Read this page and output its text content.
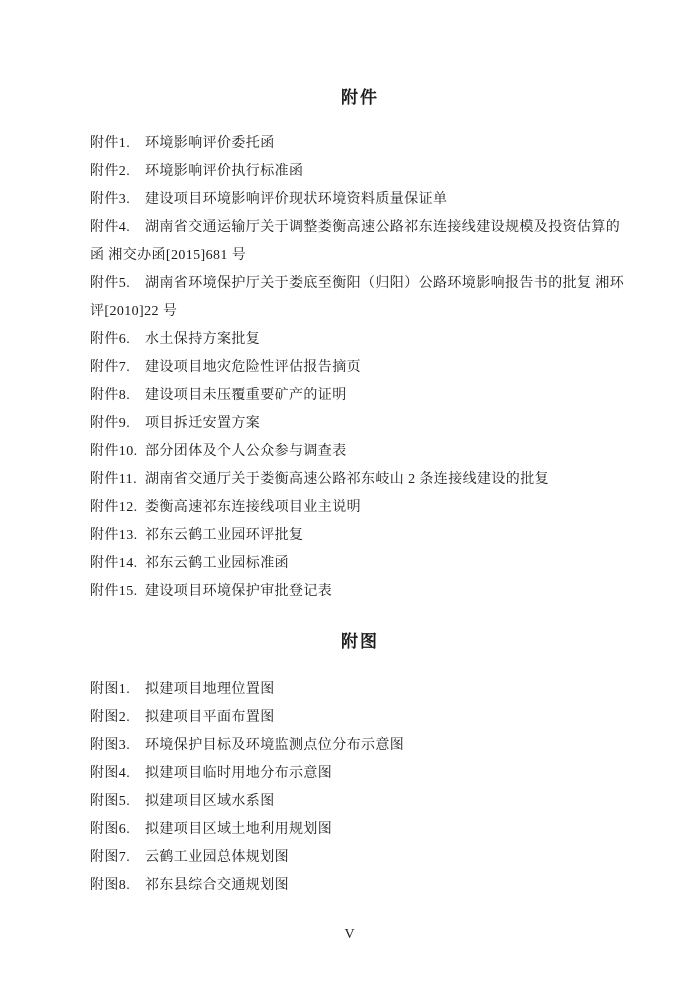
附件

附件1. 环境影响评价委托函

附件2. 环境影响评价执行标准函

附件3. 建设项目环境影响评价现状环境资料质量保证单

附件4. 湖南省交通运输厅关于调整娄衡高速公路祁东连接线建设规模及投资估算的函 湘交办函[2015]681 号

附件5. 湖南省环境保护厅关于娄底至衡阳（归阳）公路环境影响报告书的批复 湘环评[2010]22 号

附件6. 水土保持方案批复

附件7. 建设项目地灾危险性评估报告摘页

附件8. 建设项目未压覆重要矿产的证明

附件9. 项目拆迁安置方案

附件10. 部分团体及个人公众参与调查表

附件11. 湖南省交通厅关于娄衡高速公路祁东岐山 2 条连接线建设的批复

附件12. 娄衡高速祁东连接线项目业主说明

附件13. 祁东云鹤工业园环评批复

附件14. 祁东云鹤工业园标准函

附件15. 建设项目环境保护审批登记表

附图

附图1. 拟建项目地理位置图

附图2. 拟建项目平面布置图

附图3. 环境保护目标及环境监测点位分布示意图

附图4. 拟建项目临时用地分布示意图

附图5. 拟建项目区域水系图

附图6. 拟建项目区域土地利用规划图

附图7. 云鹤工业园总体规划图

附图8. 祁东县综合交通规划图

V
